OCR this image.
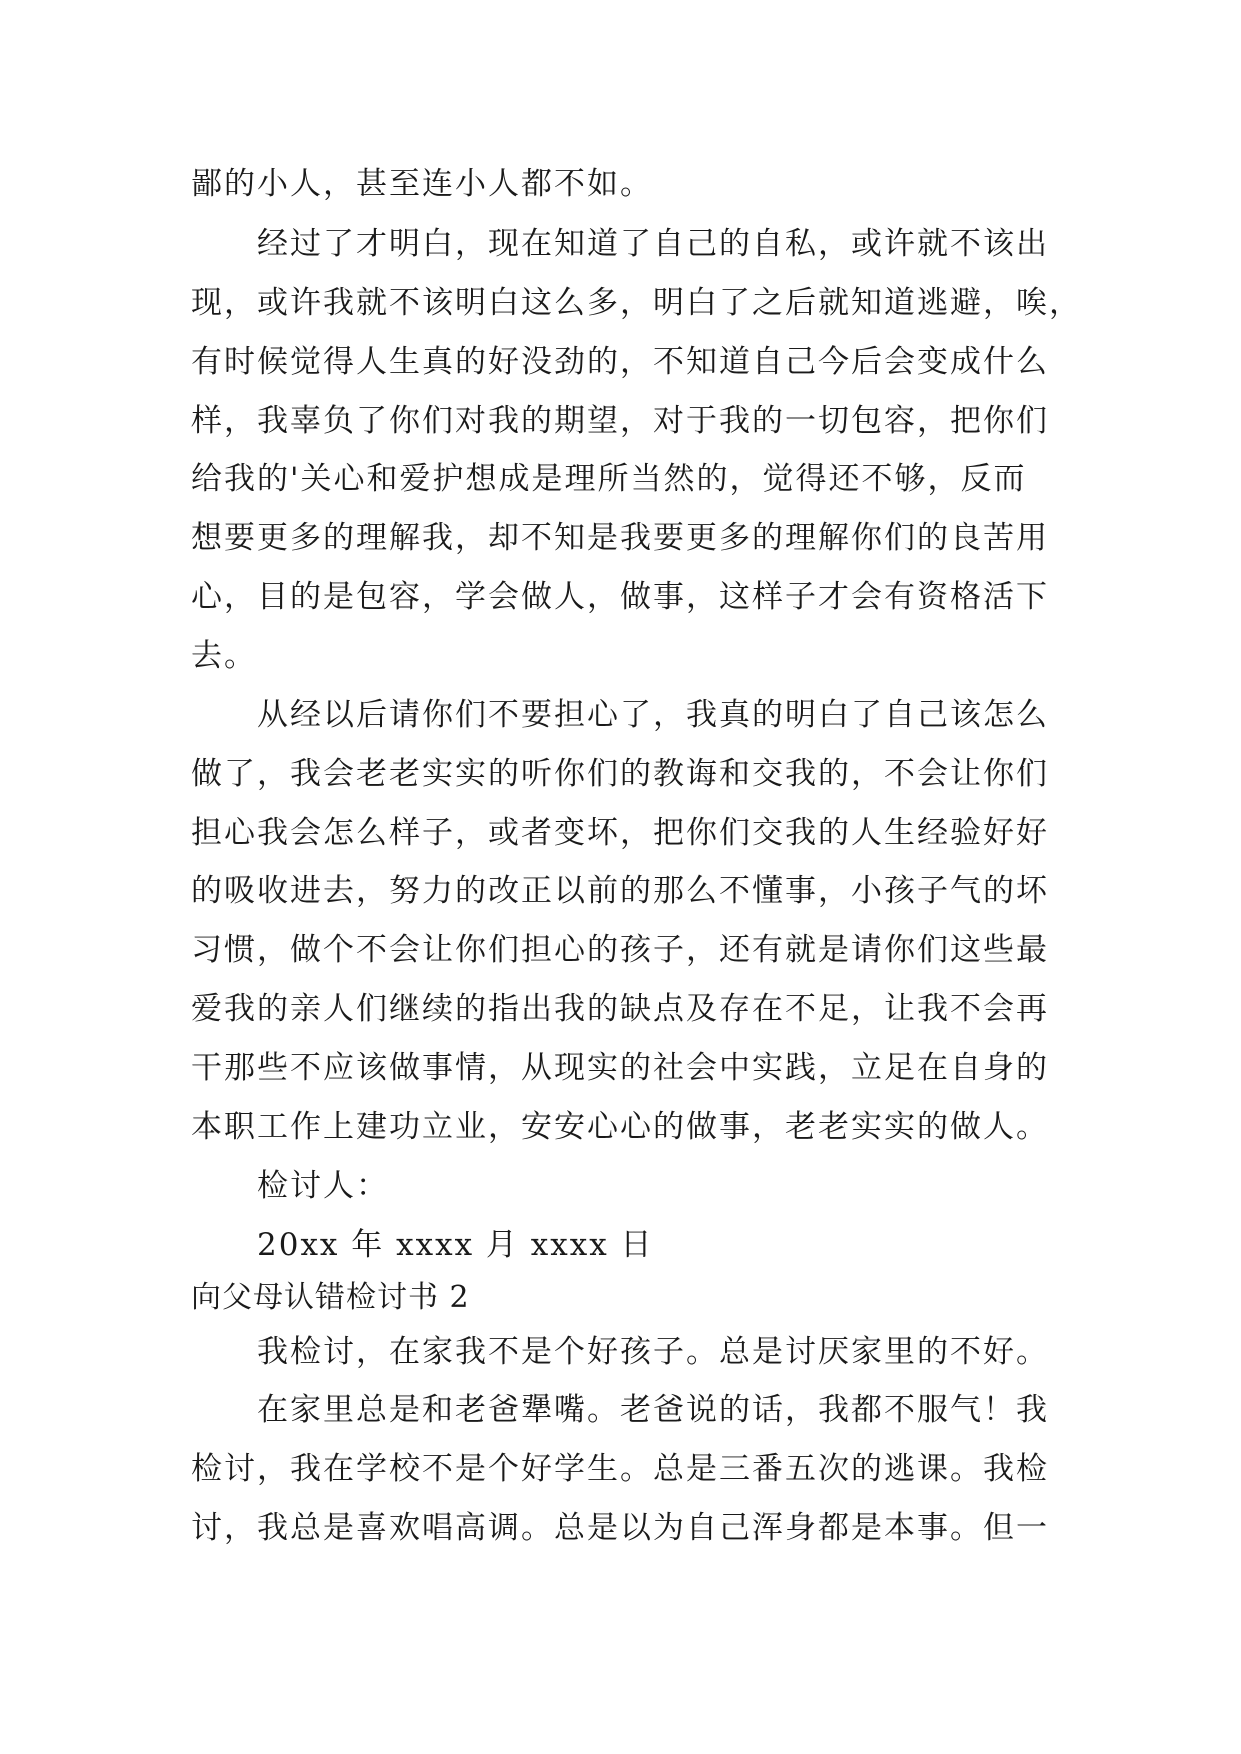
鄙的小人，甚至连小人都不如。
经过了才明白，现在知道了自己的自私，或许就不该出
现，或许我就不该明白这么多，明白了之后就知道逃避，唉，
有时候觉得人生真的好没劲的，不知道自己今后会变成什么
样，我辜负了你们对我的期望，对于我的一切包容，把你们
给我的'关心和爱护想成是理所当然的，觉得还不够，反而
想要更多的理解我，却不知是我要更多的理解你们的良苦用
心，目的是包容，学会做人，做事，这样子才会有资格活下
去。
从经以后请你们不要担心了，我真的明白了自己该怎么
做了，我会老老实实的听你们的教诲和交我的，不会让你们
担心我会怎么样子，或者变坏，把你们交我的人生经验好好
的吸收进去，努力的改正以前的那么不懂事，小孩子气的坏
习惯，做个不会让你们担心的孩子，还有就是请你们这些最
爱我的亲人们继续的指出我的缺点及存在不足，让我不会再
干那些不应该做事情，从现实的社会中实践，立足在自身的
本职工作上建功立业，安安心心的做事，老老实实的做人。
检讨人：
20xx 年 xxxx 月 xxxx 日
向父母认错检讨书 2
我检讨，在家我不是个好孩子。总是讨厌家里的不好。
在家里总是和老爸犟嘴。老爸说的话，我都不服气！我
检讨，我在学校不是个好学生。总是三番五次的逃课。我检
讨，我总是喜欢唱高调。总是以为自己浑身都是本事。但一
